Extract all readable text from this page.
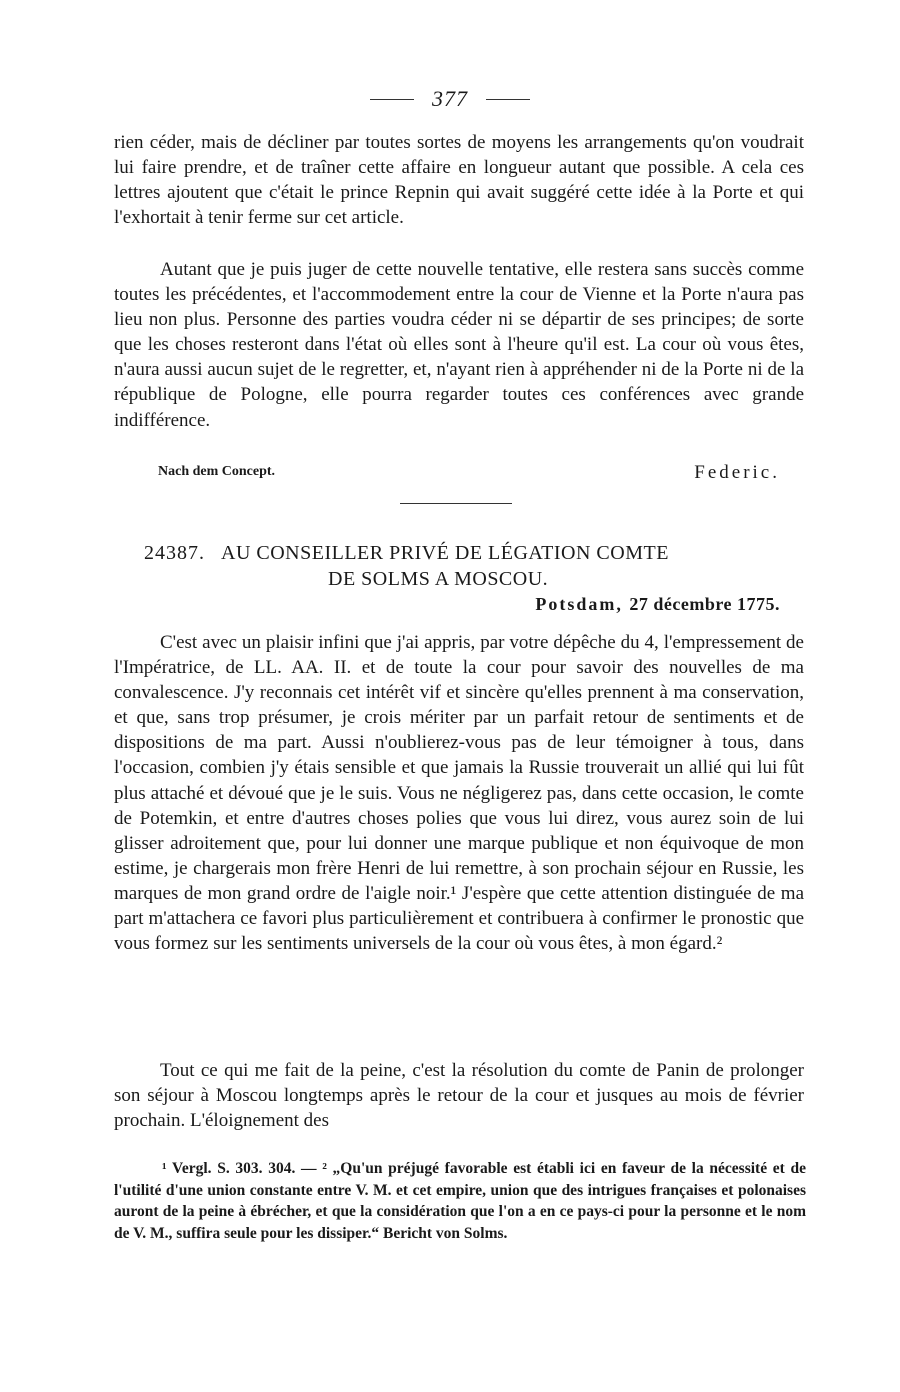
377

rien céder, mais de décliner par toutes sortes de moyens les arrangements qu'on voudrait lui faire prendre, et de traîner cette affaire en longueur autant que possible. A cela ces lettres ajoutent que c'était le prince Repnin qui avait suggéré cette idée à la Porte et qui l'exhortait à tenir ferme sur cet article.

Autant que je puis juger de cette nouvelle tentative, elle restera sans succès comme toutes les précédentes, et l'accommodement entre la cour de Vienne et la Porte n'aura pas lieu non plus. Personne des parties voudra céder ni se départir de ses principes; de sorte que les choses resteront dans l'état où elles sont à l'heure qu'il est. La cour où vous êtes, n'aura aussi aucun sujet de le regretter, et, n'ayant rien à appréhender ni de la Porte ni de la république de Pologne, elle pourra regarder toutes ces conférences avec grande indifférence.

Nach dem Concept.	Federic.
24387. AU CONSEILLER PRIVÉ DE LÉGATION COMTE
DE SOLMS A MOSCOU.
Potsdam, 27 décembre 1775.

C'est avec un plaisir infini que j'ai appris, par votre dépêche du 4, l'empressement de l'Impératrice, de LL. AA. II. et de toute la cour pour savoir des nouvelles de ma convalescence. J'y reconnais cet intérêt vif et sincère qu'elles prennent à ma conservation, et que, sans trop présumer, je crois mériter par un parfait retour de sentiments et de dispositions de ma part. Aussi n'oublierez-vous pas de leur témoigner à tous, dans l'occasion, combien j'y étais sensible et que jamais la Russie trouverait un allié qui lui fût plus attaché et dévoué que je le suis. Vous ne négligerez pas, dans cette occasion, le comte de Potemkin, et entre d'autres choses polies que vous lui direz, vous aurez soin de lui glisser adroitement que, pour lui donner une marque publique et non équivoque de mon estime, je chargerais mon frère Henri de lui remettre, à son prochain séjour en Russie, les marques de mon grand ordre de l'aigle noir.¹ J'espère que cette attention distinguée de ma part m'attachera ce favori plus particulièrement et contribuera à confirmer le pronostic que vous formez sur les sentiments universels de la cour où vous êtes, à mon égard.²

Tout ce qui me fait de la peine, c'est la résolution du comte de Panin de prolonger son séjour à Moscou longtemps après le retour de la cour et jusques au mois de février prochain. L'éloignement des

¹ Vergl. S. 303. 304. — ² „Qu'un préjugé favorable est établi ici en faveur de la nécessité et de l'utilité d'une union constante entre V. M. et cet empire, union que des intrigues françaises et polonaises auront de la peine à ébrécher, et que la considération que l'on a en ce pays-ci pour la personne et le nom de V. M., suffira seule pour les dissiper.“ Bericht von Solms.
